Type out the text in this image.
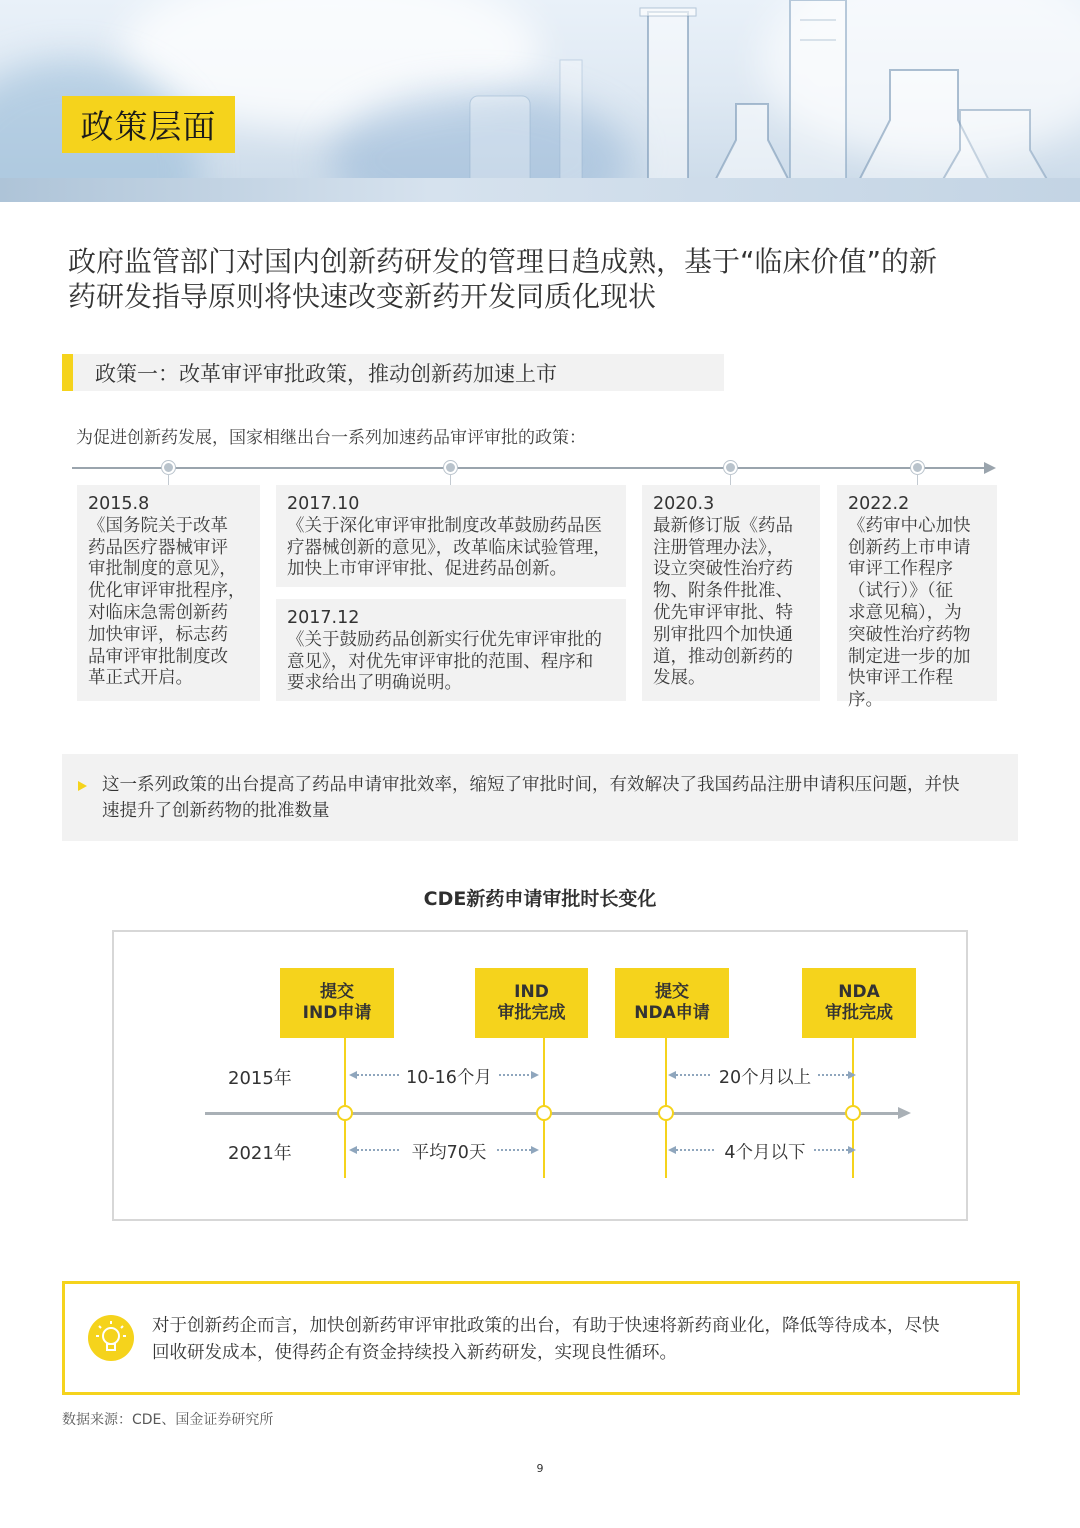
政策层面
政府监管部门对国内创新药研发的管理日趋成熟，基于“临床价值”的新
药研发指导原则将快速改变新药开发同质化现状
政策一：改革审评审批政策，推动创新药加速上市
为促进创新药发展，国家相继出台一系列加速药品审评审批的政策：
2015.8
《国务院关于改革
药品医疗器械审评
审批制度的意见》，
优化审评审批程序，
对临床急需创新药
加快审评，标志药
品审评审批制度改
革正式开启。
2017.10
《关于深化审评审批制度改革鼓励药品医
疗器械创新的意见》，改革临床试验管理，
加快上市审评审批、促进药品创新。
2017.12
《关于鼓励药品创新实行优先审评审批的
意见》，对优先审评审批的范围、程序和
要求给出了明确说明。
2020.3
最新修订版《药品
注册管理办法》，
设立突破性治疗药
物、附条件批准、
优先审评审批、特
别审批四个加快通
道，推动创新药的
发展。
2022.2
《药审中心加快
创新药上市申请
审评工作程序
（试行）》（征
求意见稿），为
突破性治疗药物
制定进一步的加
快审评工作程序。
这一系列政策的出台提高了药品申请审批效率，缩短了审批时间，有效解决了我国药品注册申请积压问题，并快
速提升了创新药物的批准数量
CDE新药申请审批时长变化
提交
IND申请
IND
审批完成
提交
NDA申请
NDA
审批完成
2015年
2021年
10-16个月	20个月以上
平均70天	4个月以下
对于创新药企而言，加快创新药审评审批政策的出台，有助于快速将新药商业化，降低等待成本，尽快
回收研发成本，使得药企有资金持续投入新药研发，实现良性循环。
数据来源：CDE、国金证券研究所
9
